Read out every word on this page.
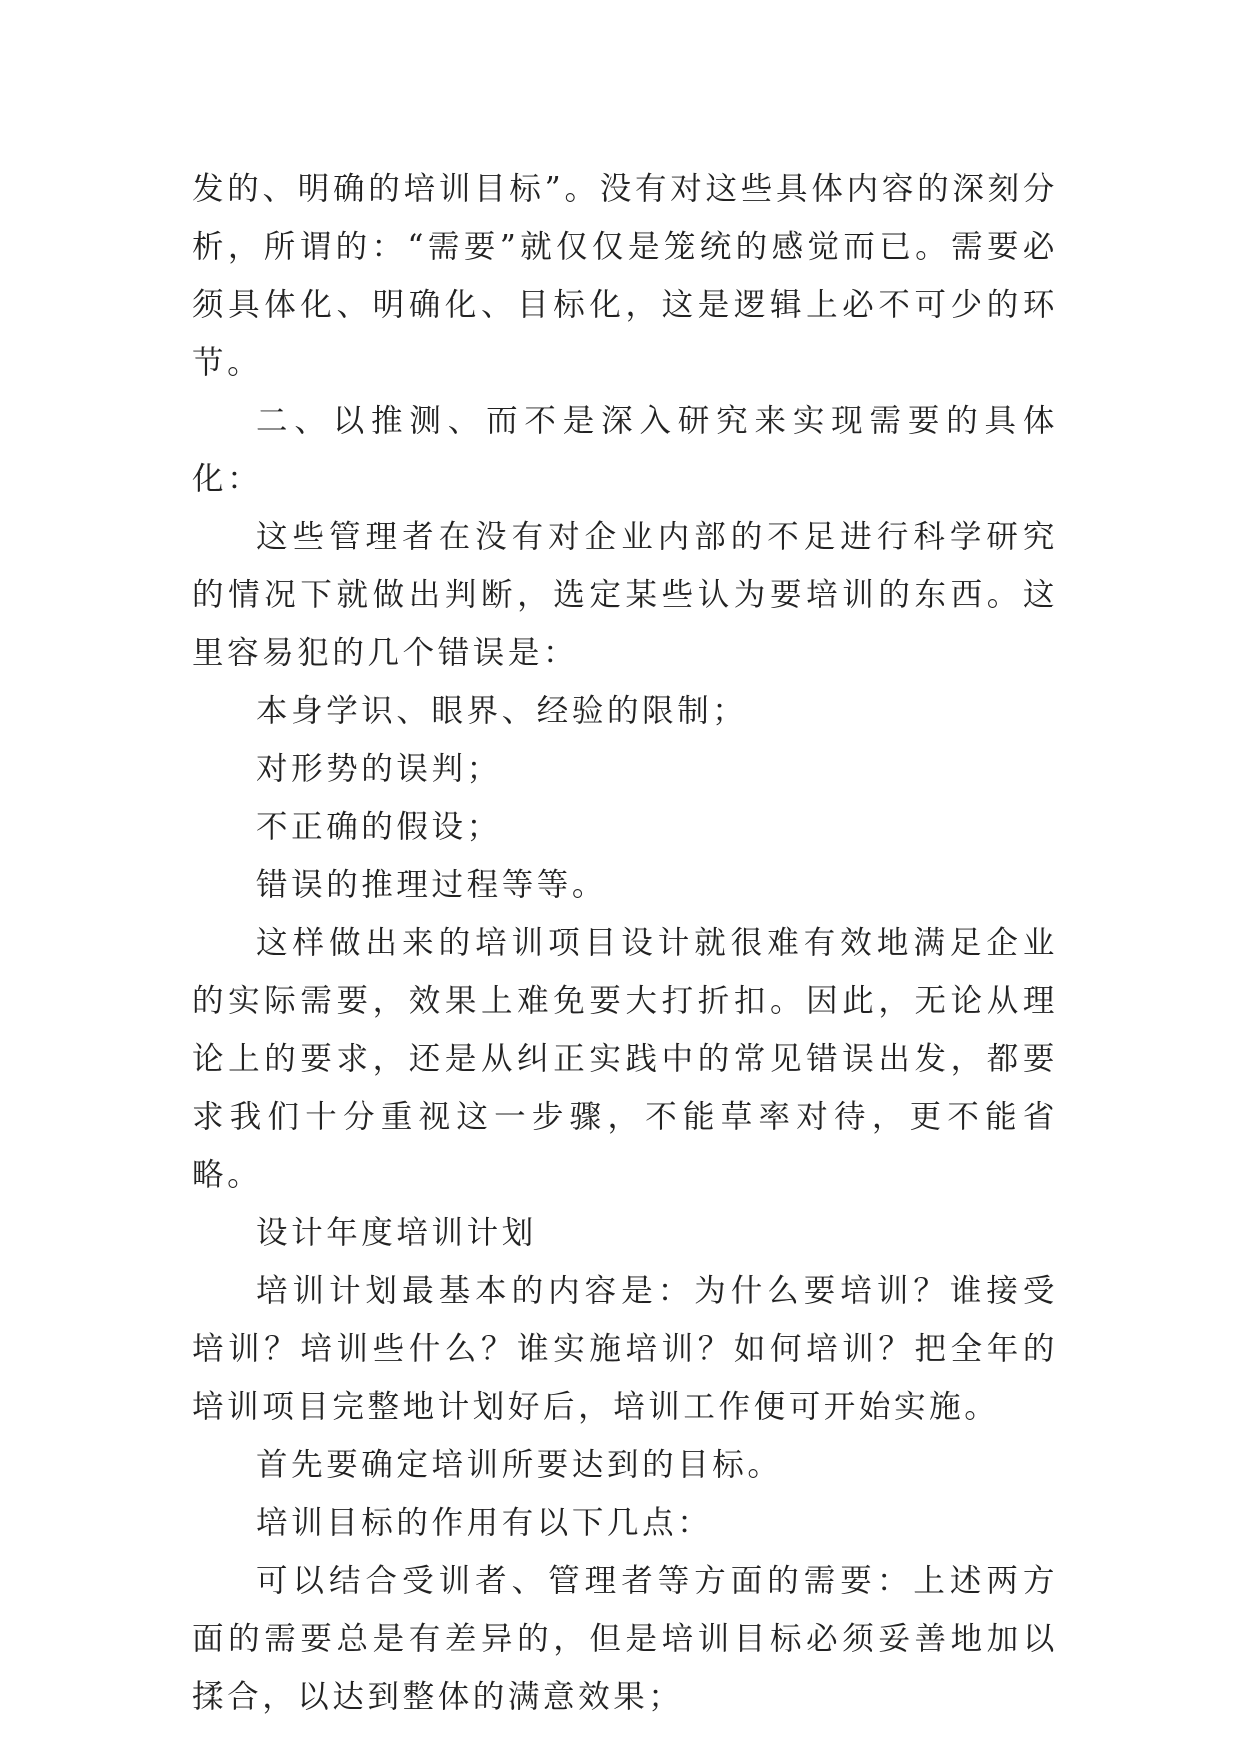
发的、明确的培训目标”。没有对这些具体内容的深刻分析，所谓的：“需要”就仅仅是笼统的感觉而已。需要必须具体化、明确化、目标化，这是逻辑上必不可少的环节。

二、以推测、而不是深入研究来实现需要的具体化：

这些管理者在没有对企业内部的不足进行科学研究的情况下就做出判断，选定某些认为要培训的东西。这里容易犯的几个错误是：

本身学识、眼界、经验的限制；

对形势的误判；

不正确的假设；

错误的推理过程等等。

这样做出来的培训项目设计就很难有效地满足企业的实际需要，效果上难免要大打折扣。因此，无论从理论上的要求，还是从纠正实践中的常见错误出发，都要求我们十分重视这一步骤，不能草率对待，更不能省略。

设计年度培训计划

培训计划最基本的内容是：为什么要培训？谁接受培训？培训些什么？谁实施培训？如何培训？把全年的培训项目完整地计划好后，培训工作便可开始实施。

首先要确定培训所要达到的目标。

培训目标的作用有以下几点：

可以结合受训者、管理者等方面的需要：上述两方面的需要总是有差异的，但是培训目标必须妥善地加以揉合，以达到整体的满意效果；
